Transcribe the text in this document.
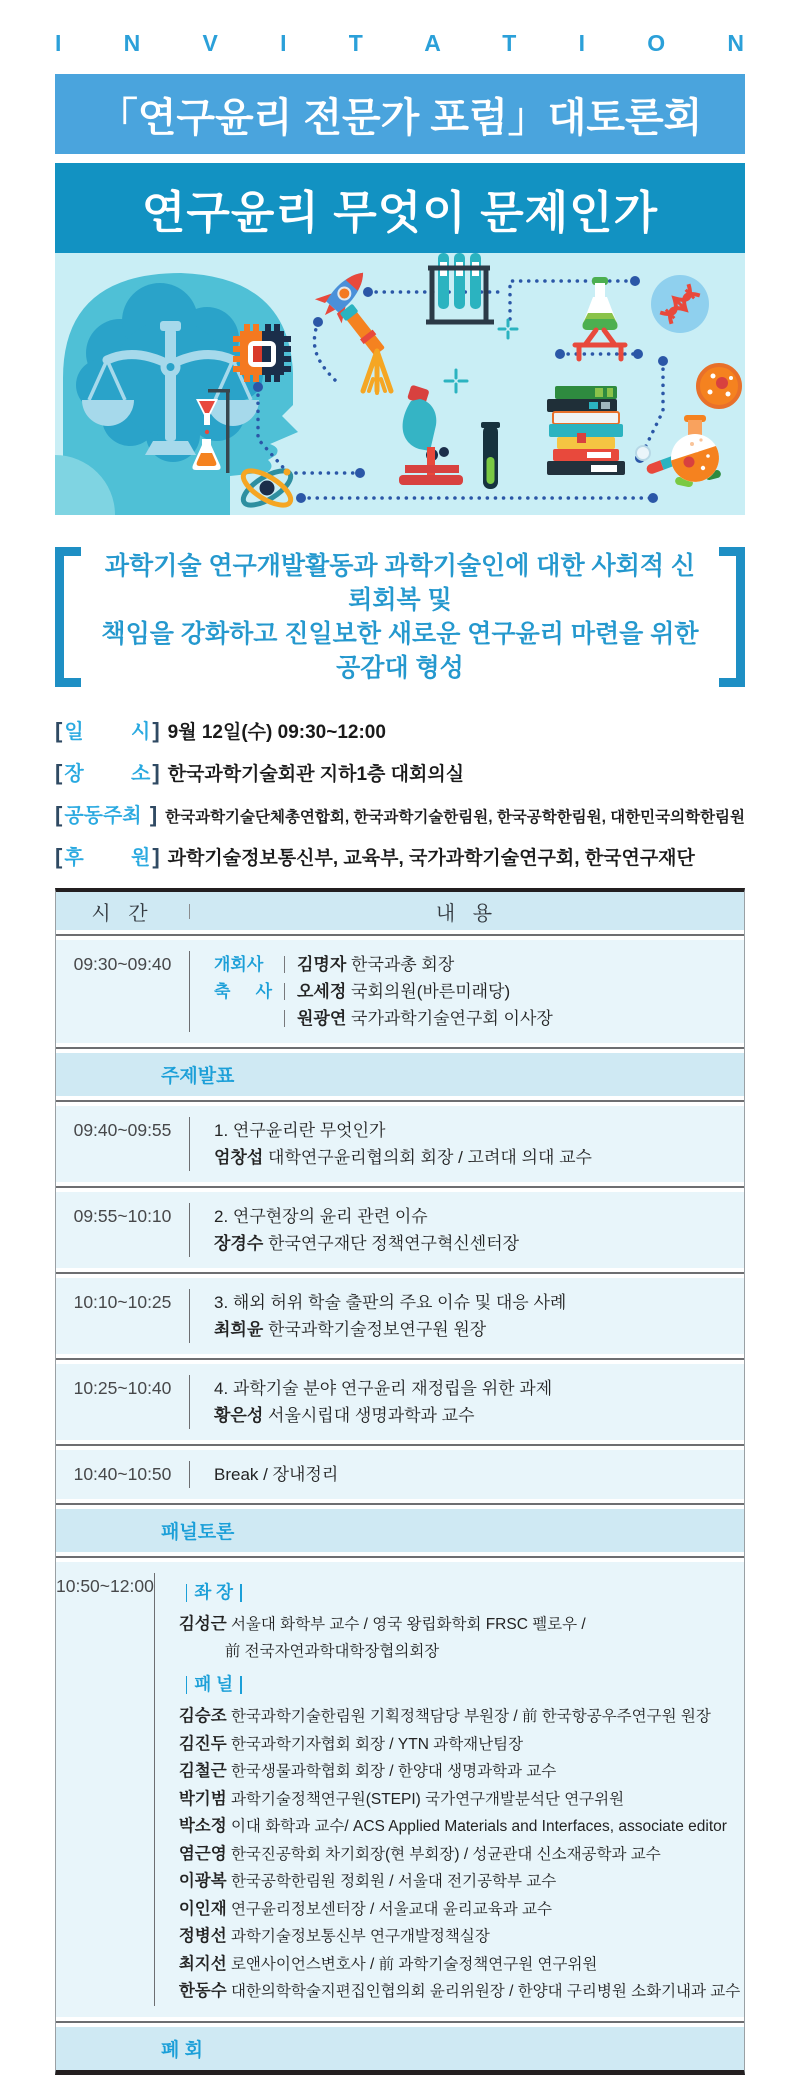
I N V I T A T I O N
「연구윤리 전문가 포럼」대토론회
연구윤리 무엇이 문제인가
과학기술 연구개발활동과 과학기술인에 대한 사회적 신뢰회복 및
책임을 강화하고 진일보한 새로운 연구윤리 마련을 위한 공감대 형성
[ 일 시 ] 9월 12일(수) 09:30~12:00
[ 장 소 ] 한국과학기술회관 지하1층 대회의실
[ 공동주최 ] 한국과학기술단체총연합회, 한국과학기술한림원, 한국공학한림원, 대한민국의학한림원
[ 후 원 ] 과학기술정보통신부, 교육부, 국가과학기술연구회, 한국연구재단
시 간	내 용
09:30~09:40	개회사	김명자 한국과총 회장
축 사 오세정 국회의원(바른미래당)
원광연 국가과학기술연구회 이사장
주제발표
09:40~09:55	1. 연구윤리란 무엇인가
엄창섭 대학연구윤리협의회 회장 / 고려대 의대 교수
09:55~10:10	2. 연구현장의 윤리 관련 이슈
장경수 한국연구재단 정책연구혁신센터장
10:10~10:25	3. 해외 허위 학술 출판의 주요 이슈 및 대응 사례
최희윤 한국과학기술정보연구원 원장
10:25~10:40	4. 과학기술 분야 연구윤리 재정립을 위한 과제
황은성 서울시립대 생명과학과 교수
10:40~10:50	Break / 장내정리
패널토론
10:50~12:00 좌 장
김성근 서울대 화학부 교수 / 영국 왕립화학회 FRSC 펠로우 /
前 전국자연과학대학장협의회장
패 널
김승조 한국과학기술한림원 기획정책담당 부원장 / 前 한국항공우주연구원 원장
김진두 한국과학기자협회 회장 / YTN 과학재난팀장
김철근 한국생물과학협회 회장 / 한양대 생명과학과 교수
박기범 과학기술정책연구원(STEPI) 국가연구개발분석단 연구위원
박소정 이대 화학과 교수/ ACS Applied Materials and Interfaces, associate editor
염근영 한국진공학회 차기회장(현 부회장) / 성균관대 신소재공학과 교수
이광복 한국공학한림원 정회원 / 서울대 전기공학부 교수
이인재 연구윤리정보센터장 / 서울교대 윤리교육과 교수
정병선 과학기술정보통신부 연구개발정책실장
최지선 로앤사이언스변호사 / 前 과학기술정책연구원 연구위원
한동수 대한의학학술지편집인협의회 윤리위원장 / 한양대 구리병원 소화기내과 교수
폐 회
